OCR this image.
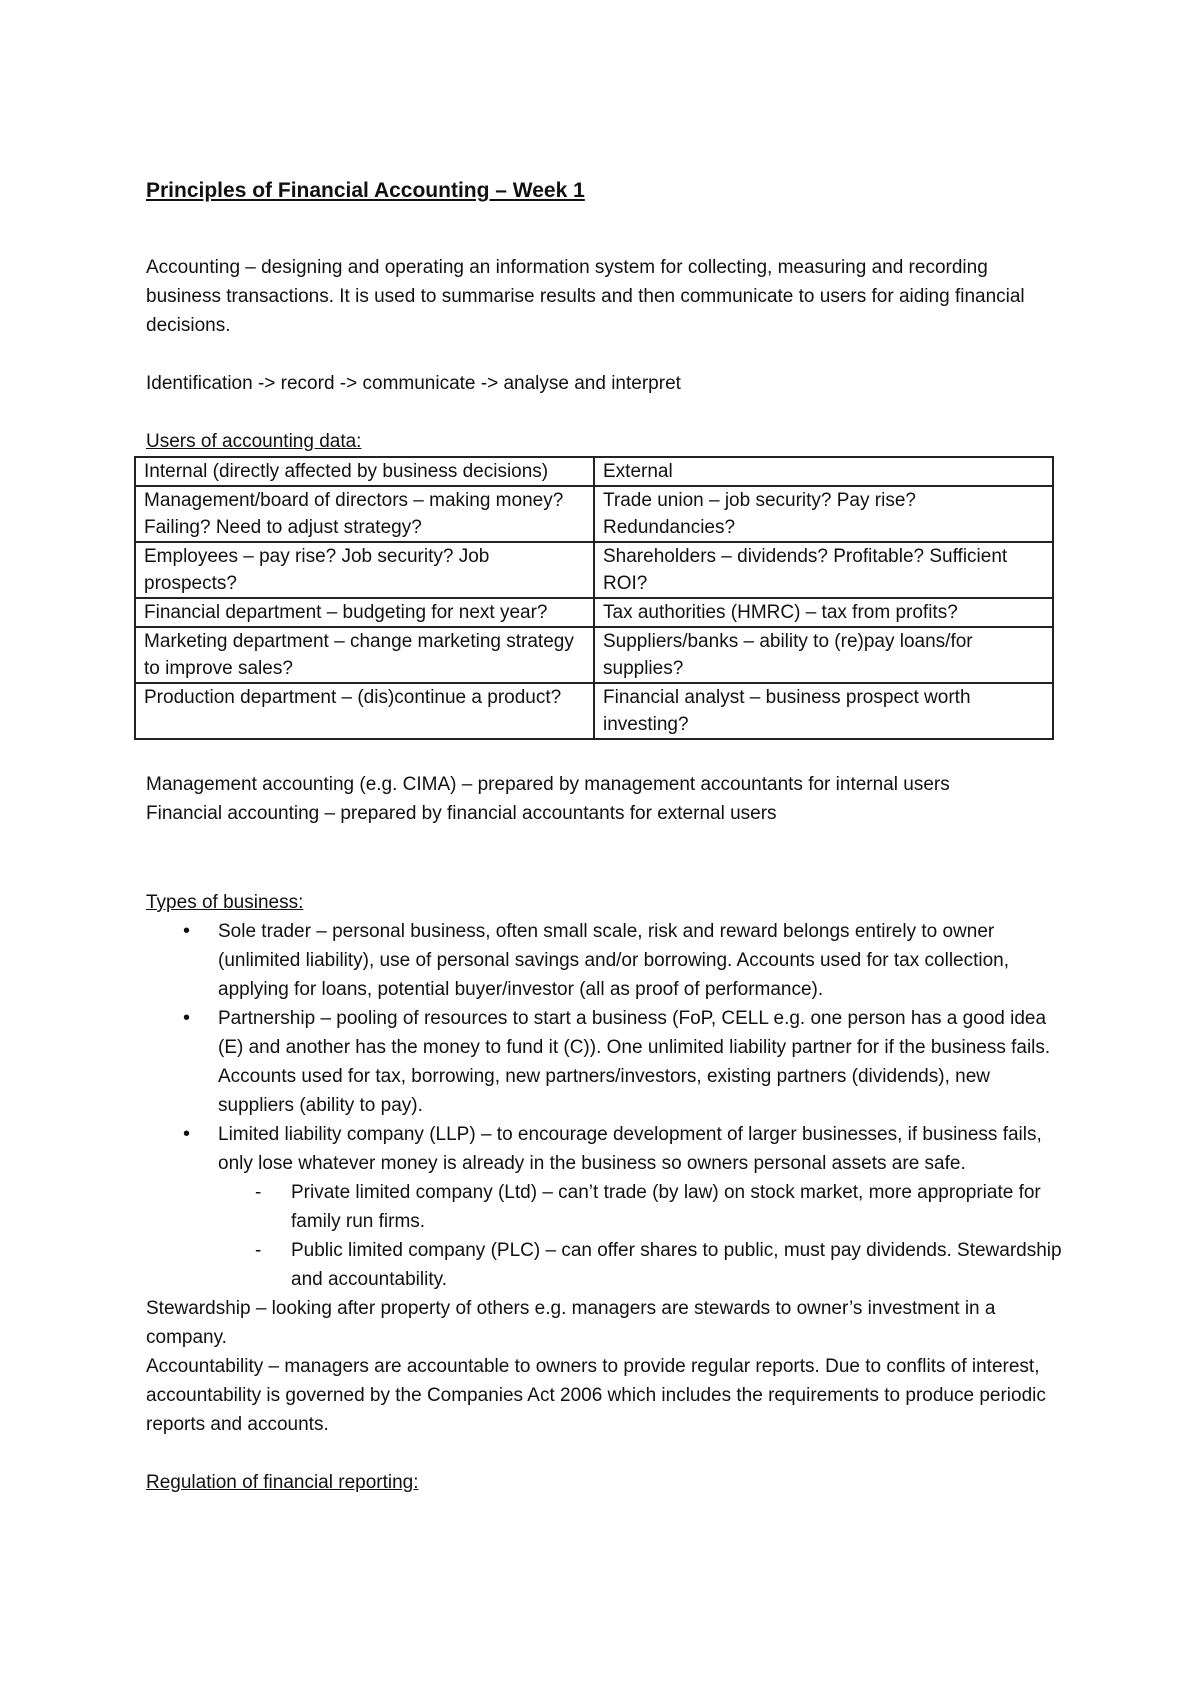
Principles of Financial Accounting – Week 1

Accounting – designing and operating an information system for collecting, measuring and recording business transactions. It is used to summarise results and then communicate to users for aiding financial decisions.

Identification -> record -> communicate -> analyse and interpret

Users of accounting data:

Internal (directly affected by business decisions)	External
Management/board of directors – making money? Failing? Need to adjust strategy?	Trade union – job security? Pay rise? Redundancies?
Employees – pay rise? Job security? Job prospects?	Shareholders – dividends? Profitable? Sufficient ROI?
Financial department – budgeting for next year?	Tax authorities (HMRC) – tax from profits?
Marketing department – change marketing strategy to improve sales?	Suppliers/banks – ability to (re)pay loans/for supplies?
Production department – (dis)continue a product?	Financial analyst – business prospect worth investing?

Management accounting (e.g. CIMA) – prepared by management accountants for internal users

Financial accounting – prepared by financial accountants for external users

Types of business:

• Sole trader – personal business, often small scale, risk and reward belongs entirely to owner (unlimited liability), use of personal savings and/or borrowing. Accounts used for tax collection, applying for loans, potential buyer/investor (all as proof of performance).
• Partnership – pooling of resources to start a business (FoP, CELL e.g. one person has a good idea (E) and another has the money to fund it (C)). One unlimited liability partner for if the business fails. Accounts used for tax, borrowing, new partners/investors, existing partners (dividends), new suppliers (ability to pay).
• Limited liability company (LLP) – to encourage development of larger businesses, if business fails, only lose whatever money is already in the business so owners personal assets are safe.
- Private limited company (Ltd) – can’t trade (by law) on stock market, more appropriate for family run firms.
- Public limited company (PLC) – can offer shares to public, must pay dividends. Stewardship and accountability.

Stewardship – looking after property of others e.g. managers are stewards to owner’s investment in a company.

Accountability – managers are accountable to owners to provide regular reports. Due to conflits of interest, accountability is governed by the Companies Act 2006 which includes the requirements to produce periodic reports and accounts.

Regulation of financial reporting:
